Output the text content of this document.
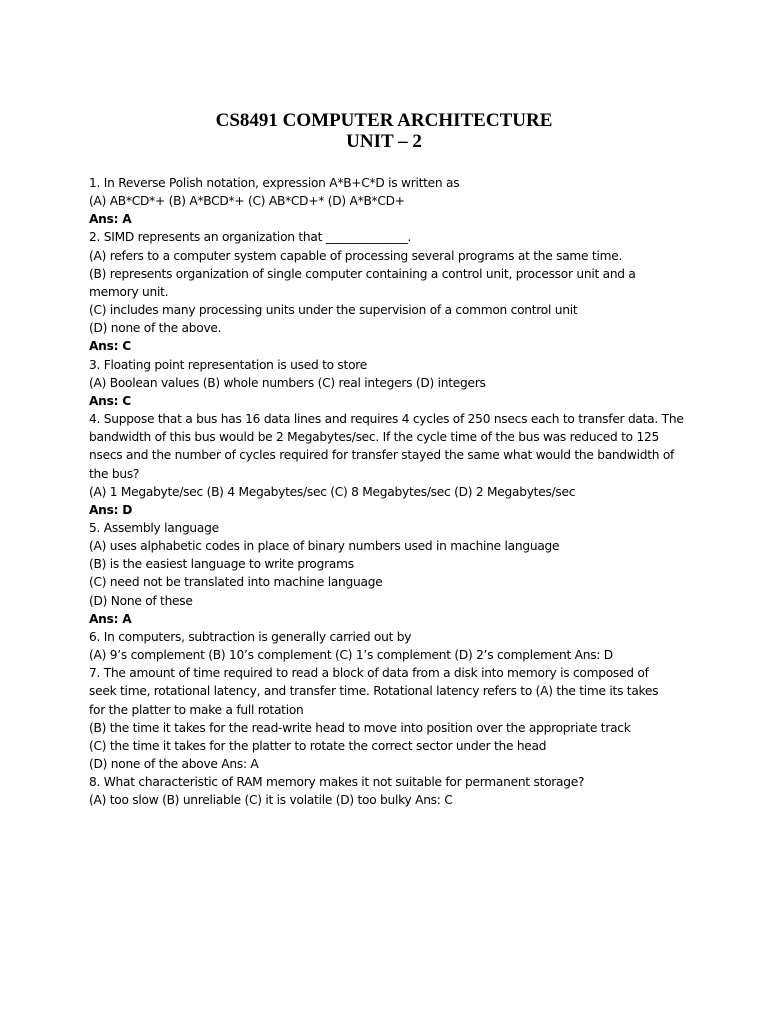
CS8491 COMPUTER ARCHITECTURE
UNIT – 2
1. In Reverse Polish notation, expression A*B+C*D is written as
(A) AB*CD*+ (B) A*BCD*+ (C) AB*CD+* (D) A*B*CD+
Ans: A
2. SIMD represents an organization that ______________.
(A) refers to a computer system capable of processing several programs at the same time.
(B) represents organization of single computer containing a control unit, processor unit and a
memory unit.
(C) includes many processing units under the supervision of a common control unit
(D) none of the above.
Ans: C
3. Floating point representation is used to store
(A) Boolean values (B) whole numbers (C) real integers (D) integers
Ans: C
4. Suppose that a bus has 16 data lines and requires 4 cycles of 250 nsecs each to transfer data. The
bandwidth of this bus would be 2 Megabytes/sec. If the cycle time of the bus was reduced to 125
nsecs and the number of cycles required for transfer stayed the same what would the bandwidth of
the bus?
(A) 1 Megabyte/sec (B) 4 Megabytes/sec (C) 8 Megabytes/sec (D) 2 Megabytes/sec
Ans: D
5. Assembly language
(A) uses alphabetic codes in place of binary numbers used in machine language
(B) is the easiest language to write programs
(C) need not be translated into machine language
(D) None of these
Ans: A
6. In computers, subtraction is generally carried out by
(A) 9’s complement (B) 10’s complement (C) 1’s complement (D) 2’s complement Ans: D
7. The amount of time required to read a block of data from a disk into memory is composed of
seek time, rotational latency, and transfer time. Rotational latency refers to (A) the time its takes
for the platter to make a full rotation
(B) the time it takes for the read-write head to move into position over the appropriate track
(C) the time it takes for the platter to rotate the correct sector under the head
(D) none of the above Ans: A
8. What characteristic of RAM memory makes it not suitable for permanent storage?
(A) too slow (B) unreliable (C) it is volatile (D) too bulky Ans: C
